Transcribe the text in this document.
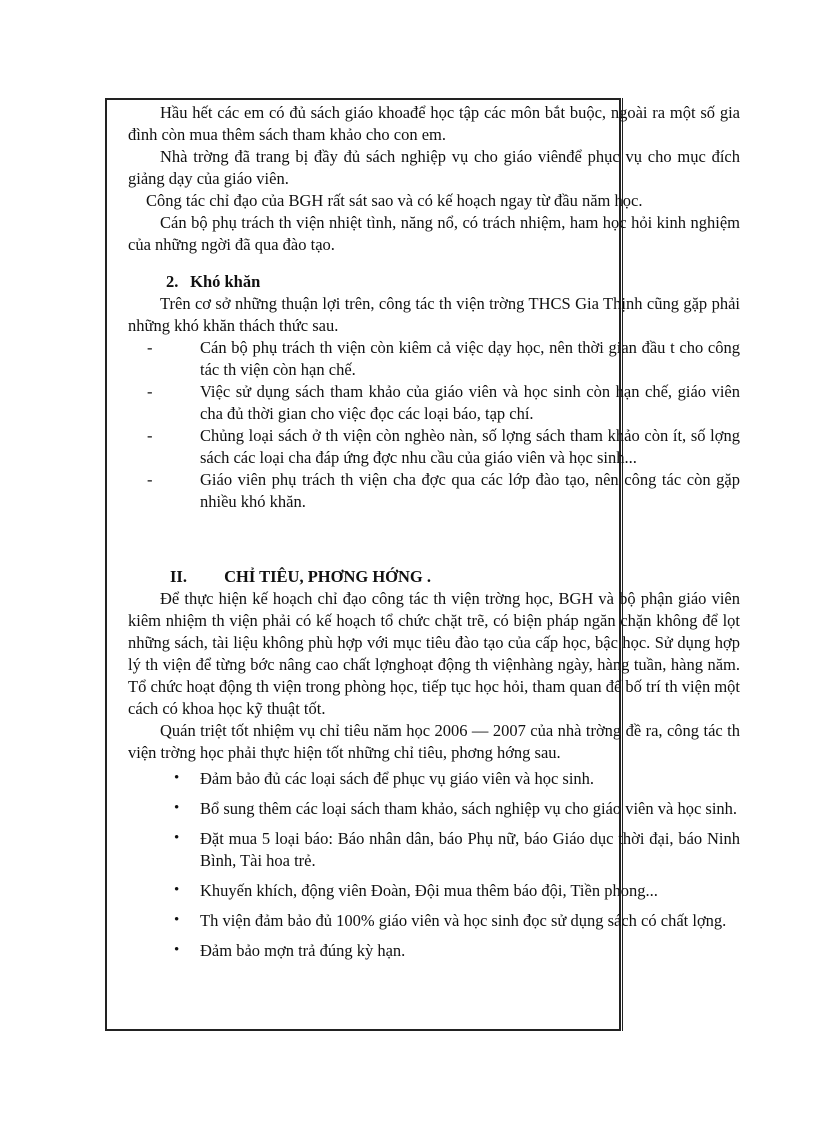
Hầu hết các em có đủ sách giáo khoađể học tập các môn bắt buộc, ngoài ra một số gia đình còn mua thêm sách tham khảo cho con em.

Nhà trờng đã trang bị đầy đủ sách nghiệp vụ cho giáo viênđể phục vụ cho mục đích giảng dạy của giáo viên.

Công tác chỉ đạo của BGH rất sát sao và có kế hoạch ngay từ đầu năm học.

Cán bộ phụ trách th viện nhiệt tình, năng nổ, có trách nhiệm, ham học hỏi kinh nghiệm của những ngời đã qua đào tạo.

2. Khó khăn

Trên cơ sở những thuận lợi trên, công tác th viện trờng THCS Gia Thịnh cũng gặp phải những khó khăn thách thức sau.

-	Cán bộ phụ trách th viện còn kiêm cả việc dạy học, nên thời gian đầu t cho công tác th viện còn hạn chế.
-	Việc sử dụng sách tham khảo của giáo viên và học sinh còn hạn chế, giáo viên cha đủ thời gian cho việc đọc các loại báo, tạp chí.
-	Chủng loại sách ở th viện còn nghèo nàn, số lợng sách tham khảo còn ít, số lợng sách các loại cha đáp ứng đợc nhu cầu của giáo viên và học sinh...
-	Giáo viên phụ trách th viện cha đợc qua các lớp đào tạo, nên công tác còn gặp nhiều khó khăn.
II. CHỈ TIÊU, PHƠNG HỚNG .

Để thực hiện kế hoạch chỉ đạo công tác th viện trờng học, BGH và bộ phận giáo viên kiêm nhiệm th viện phải có kế hoạch tổ chức chặt trẽ, có biện pháp ngăn chặn không để lọt những sách, tài liệu không phù hợp với mục tiêu đào tạo của cấp học, bậc học. Sử dụng hợp lý th viện để từng bớc nâng cao chất lợnghoạt động th việnhàng ngày, hàng tuần, hàng năm. Tổ chức hoạt động th viện trong phòng học, tiếp tục học hỏi, tham quan để bố trí th viện một cách có khoa học kỹ thuật tốt.

Quán triệt tốt nhiệm vụ chỉ tiêu năm học 2006 — 2007 của nhà trờng đề ra, công tác th viện trờng học phải thực hiện tốt những chỉ tiêu, phơng hớng sau.

• Đảm bảo đủ các loại sách để phục vụ giáo viên và học sinh.
• Bổ sung thêm các loại sách tham khảo, sách nghiệp vụ cho giáo viên và học sinh.
• Đặt mua 5 loại báo: Báo nhân dân, báo Phụ nữ, báo Giáo dục thời đại, báo Ninh Bình, Tài hoa trẻ.
• Khuyến khích, động viên Đoàn, Đội mua thêm báo đội, Tiền phong...
• Th viện đảm bảo đủ 100% giáo viên và học sinh đọc sử dụng sách có chất lợng.
• Đảm bảo mợn trả đúng kỳ hạn.
